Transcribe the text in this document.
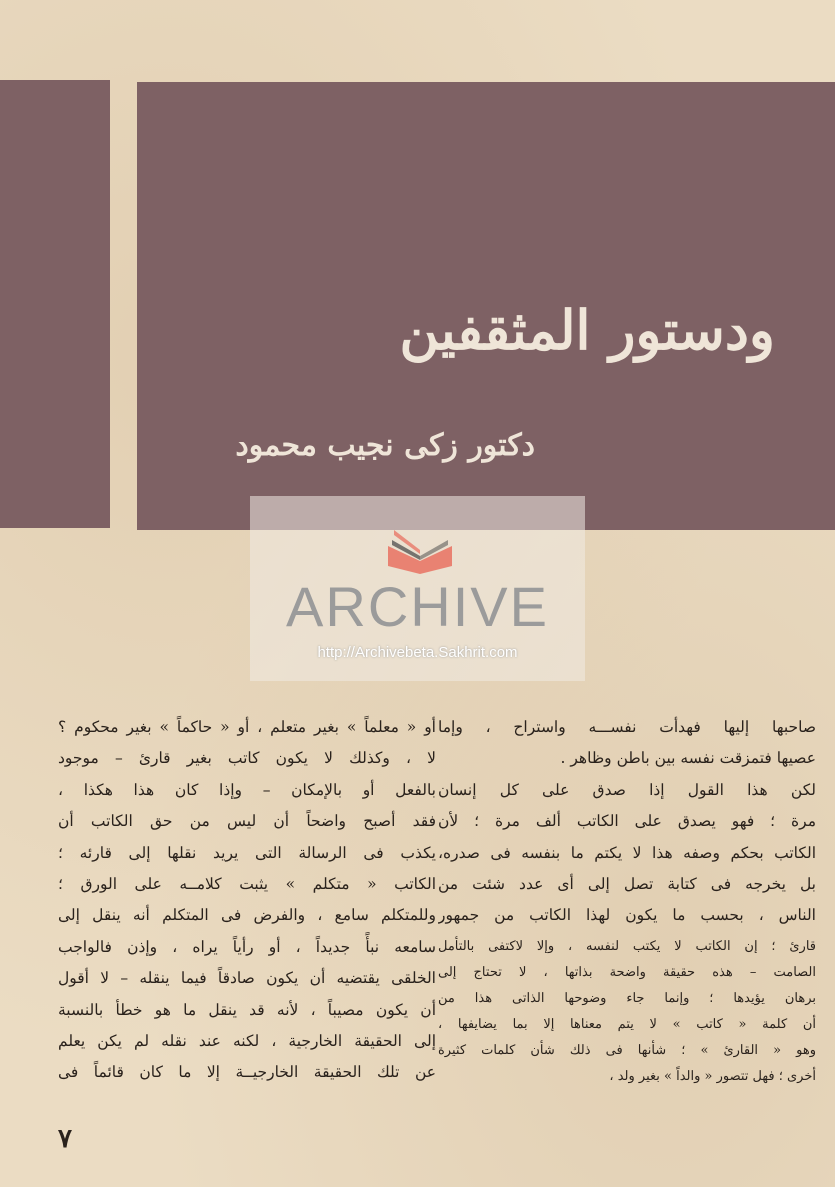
ودستور المثقفين
دكتور زكى نجيب محمود
ARCHIVE
http://Archivebeta.Sakhrit.com
صاحبها إليها فهدأت نفســـه واستراح ، وإما
عصيها فتمزقت نفسه بين باطن وظاهر .
لكن هذا القول إذا صدق على كل إنسان
مرة ؛ فهو يصدق على الكاتب ألف مرة ؛ لأن
الكاتب بحكم وصفه هذا لا يكتم ما بنفسه فى صدره،
بل يخرجه فى كتابة تصل إلى أى عدد شئت من
الناس ، بحسب ما يكون لهذا الكاتب من جمهور
قارئ ؛ إن الكاتب لا يكتب لنفسه ، وإلا لاكتفى بالتأمل
الصامت – هذه حقيقة واضحة بذاتها ، لا تحتاج إلى
برهان يؤيدها ؛ وإنما جاء وضوحها الذاتى هذا من
أن كلمة « كاتب » لا يتم معناها إلا بما يضايفها ،
وهو « القارئ » ؛ شأنها فى ذلك شأن كلمات كثيرة
أخرى ؛ فهل تتصور « والداً » بغير ولد ،
أو « معلماً » بغير متعلم ، أو « حاكماً » بغير محكوم ؟
لا ، وكذلك لا يكون كاتب بغير قارئ – موجود
بالفعل أو بالإمكان – وإذا كان هذا هكذا ،
فقد أصبح واضحاً أن ليس من حق الكاتب أن
يكذب فى الرسالة التى يريد نقلها إلى قارئه ؛
الكاتب « متكلم » يثبت كلامــه على الورق ؛
وللمتكلم سامع ، والفرض فى المتكلم أنه ينقل إلى
سامعه نبأً جديداً ، أو رأياً يراه ، وإذن فالواجب
الخلقى يقتضيه أن يكون صادقاً فيما ينقله – لا أقول
أن يكون مصيباً ، لأنه قد ينقل ما هو خطأ بالنسبة
إلى الحقيقة الخارجية ، لكنه عند نقله لم يكن يعلم
عن تلك الحقيقة الخارجيــة إلا ما كان قائماً فى
٧
